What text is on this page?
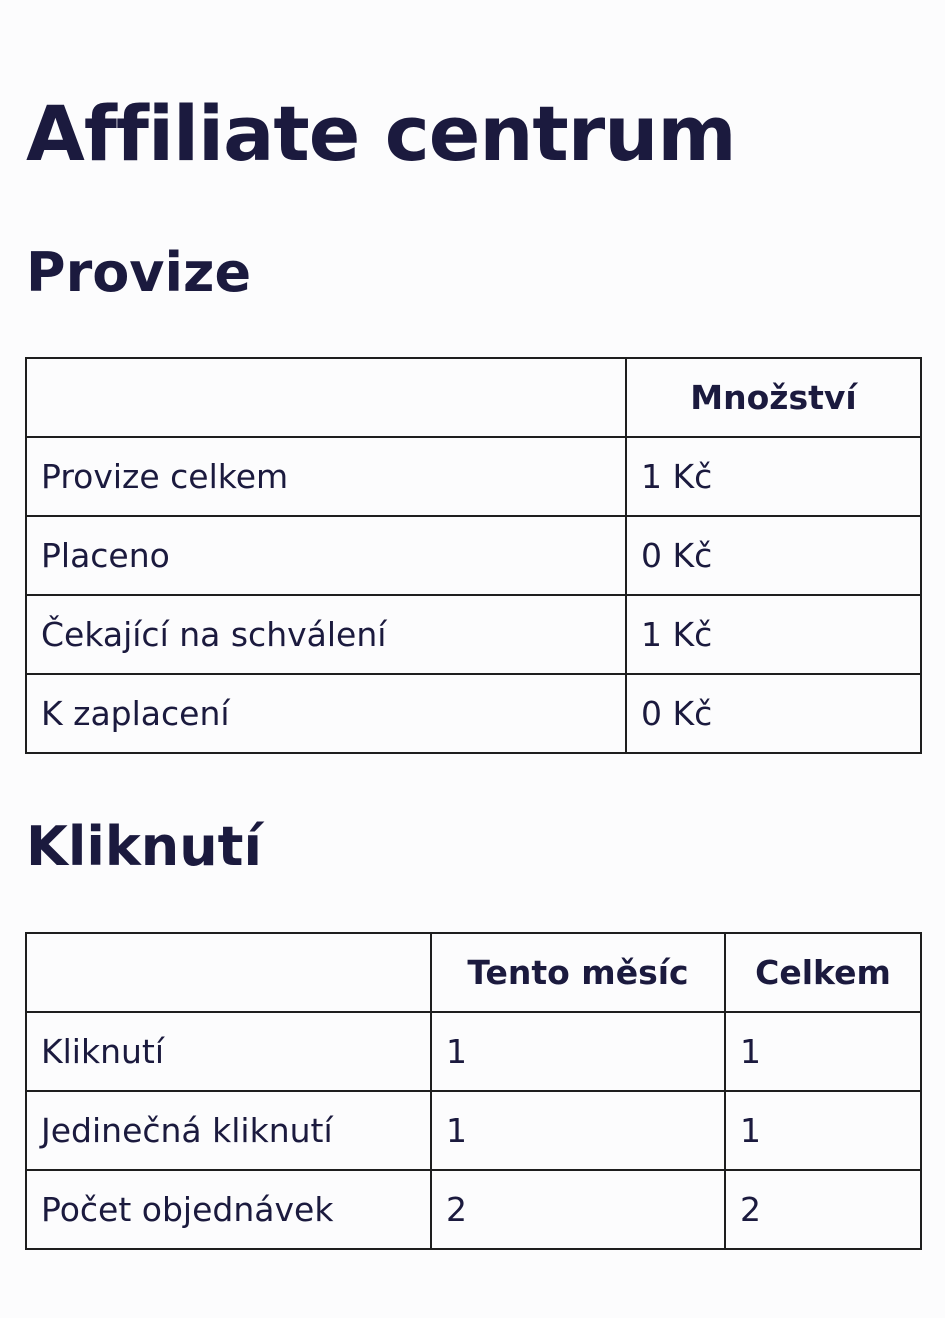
Affiliate centrum
Provize
	Množství
Provize celkem	1 Kč
Placeno	0 Kč
Čekající na schválení	1 Kč
K zaplacení	0 Kč
Kliknutí
	Tento měsíc	Celkem
Kliknutí	1	1
Jedinečná kliknutí	1	1
Počet objednávek	2	2
